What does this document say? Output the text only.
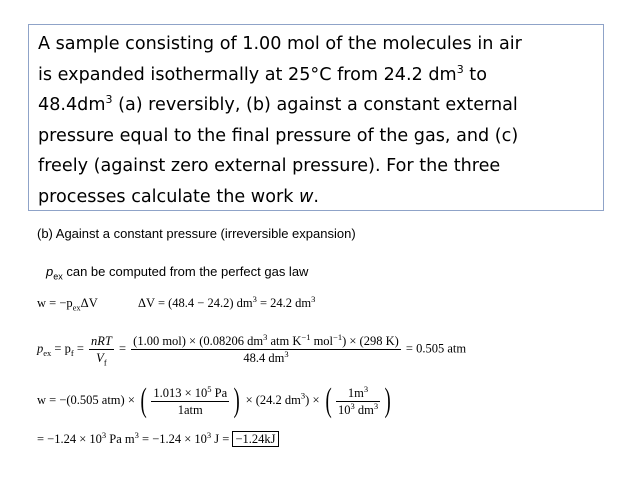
A sample consisting of 1.00 mol of the molecules in air
is expanded isothermally at 25°C from 24.2 $dm^3$ to
$48.4dm^3$ (a) reversibly, (b) against a constant external
pressure equal to the final pressure of the gas, and (c)
freely (against zero external pressure). For the three
processes calculate the work w.
(b) Against a constant pressure (irreversible expansion)
$p_{ex}$ can be computed from the perfect gas law
$w = -p_{ex}\Delta V$	ΔV = (48.4 − 24.2) $dm^3 = 24.2$ $dm^3$
$p_{ex} = p_f = \frac{\text{nRT}}{V_f} = \frac{(1.00 mol) \times (0.08206 dm^3 atm K^{-1} mol^{-1}) \times (298 K)}{48.4 dm^3} = 0.505$ atm
w = −(0.505 atm) × ( $\frac{1.013 \times 10^5 Pa}{\text{1atm}}$ ) × (24.2 $dm^3$) × ( $\frac{1m^3}{10^3 dm^3}$ )
= $-1.24 \times 10^3$ Pa $m^3 = -1.24 \times 10^3$ J = −1.24kJ
